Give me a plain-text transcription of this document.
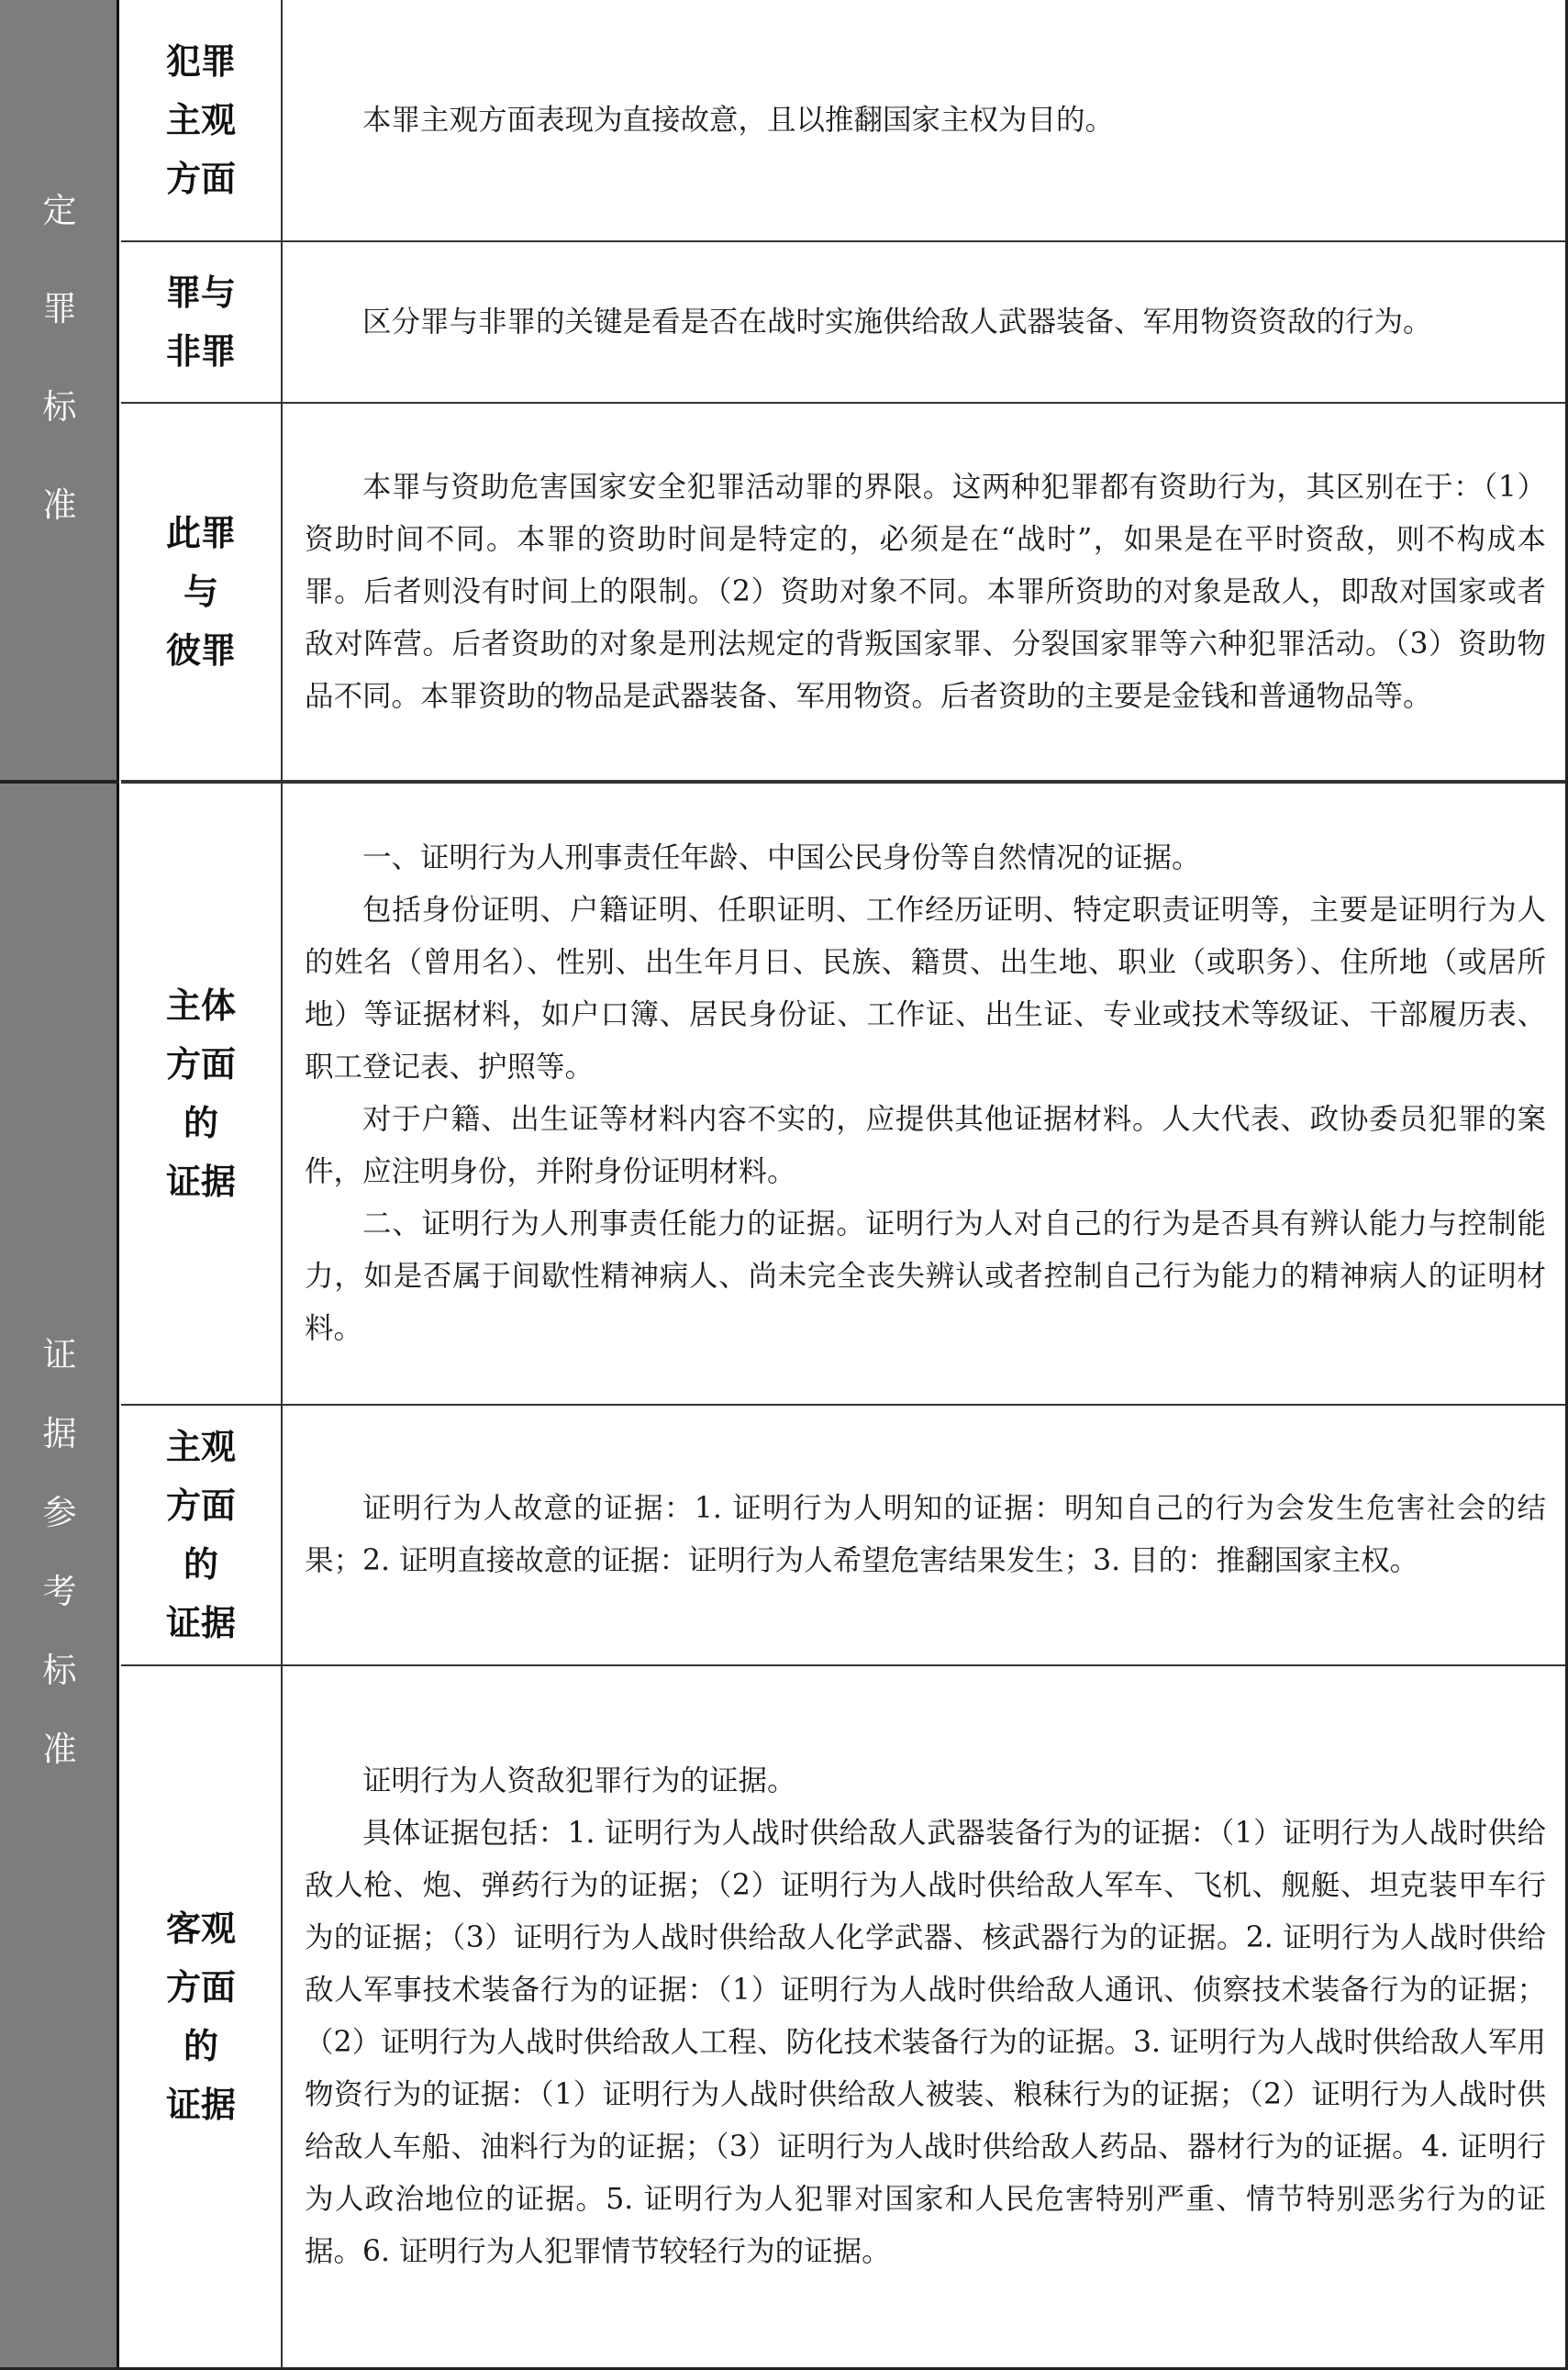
定
罪
标
准
证
据
参
考
标
准
犯罪
主观
方面

本罪主观方面表现为直接故意，且以推翻国家主权为目的。

罪与
非罪

区分罪与非罪的关键是看是否在战时实施供给敌人武器装备、军用物资资敌的行为。

此罪
与
彼罪

本罪与资助危害国家安全犯罪活动罪的界限。这两种犯罪都有资助行为，其区别在于：（1）资助时间不同。本罪的资助时间是特定的，必须是在“战时”，如果是在平时资敌，则不构成本罪。后者则没有时间上的限制。（2）资助对象不同。本罪所资助的对象是敌人，即敌对国家或者敌对阵营。后者资助的对象是刑法规定的背叛国家罪、分裂国家罪等六种犯罪活动。（3）资助物品不同。本罪资助的物品是武器装备、军用物资。后者资助的主要是金钱和普通物品等。

主体
方面
的
证据

一、证明行为人刑事责任年龄、中国公民身份等自然情况的证据。

包括身份证明、户籍证明、任职证明、工作经历证明、特定职责证明等，主要是证明行为人的姓名（曾用名）、性别、出生年月日、民族、籍贯、出生地、职业（或职务）、住所地（或居所地）等证据材料，如户口簿、居民身份证、工作证、出生证、专业或技术等级证、干部履历表、职工登记表、护照等。

对于户籍、出生证等材料内容不实的，应提供其他证据材料。人大代表、政协委员犯罪的案件，应注明身份，并附身份证明材料。

二、证明行为人刑事责任能力的证据。证明行为人对自己的行为是否具有辨认能力与控制能力，如是否属于间歇性精神病人、尚未完全丧失辨认或者控制自己行为能力的精神病人的证明材料。

主观
方面
的
证据

证明行为人故意的证据：1. 证明行为人明知的证据：明知自己的行为会发生危害社会的结果；2. 证明直接故意的证据：证明行为人希望危害结果发生；3. 目的：推翻国家主权。

客观
方面
的
证据

证明行为人资敌犯罪行为的证据。

具体证据包括：1. 证明行为人战时供给敌人武器装备行为的证据：（1）证明行为人战时供给敌人枪、炮、弹药行为的证据；（2）证明行为人战时供给敌人军车、飞机、舰艇、坦克装甲车行为的证据；（3）证明行为人战时供给敌人化学武器、核武器行为的证据。2. 证明行为人战时供给敌人军事技术装备行为的证据：（1）证明行为人战时供给敌人通讯、侦察技术装备行为的证据；（2）证明行为人战时供给敌人工程、防化技术装备行为的证据。3. 证明行为人战时供给敌人军用物资行为的证据：（1）证明行为人战时供给敌人被装、粮秣行为的证据；（2）证明行为人战时供给敌人车船、油料行为的证据；（3）证明行为人战时供给敌人药品、器材行为的证据。4. 证明行为人政治地位的证据。5. 证明行为人犯罪对国家和人民危害特别严重、情节特别恶劣行为的证据。6. 证明行为人犯罪情节较轻行为的证据。
